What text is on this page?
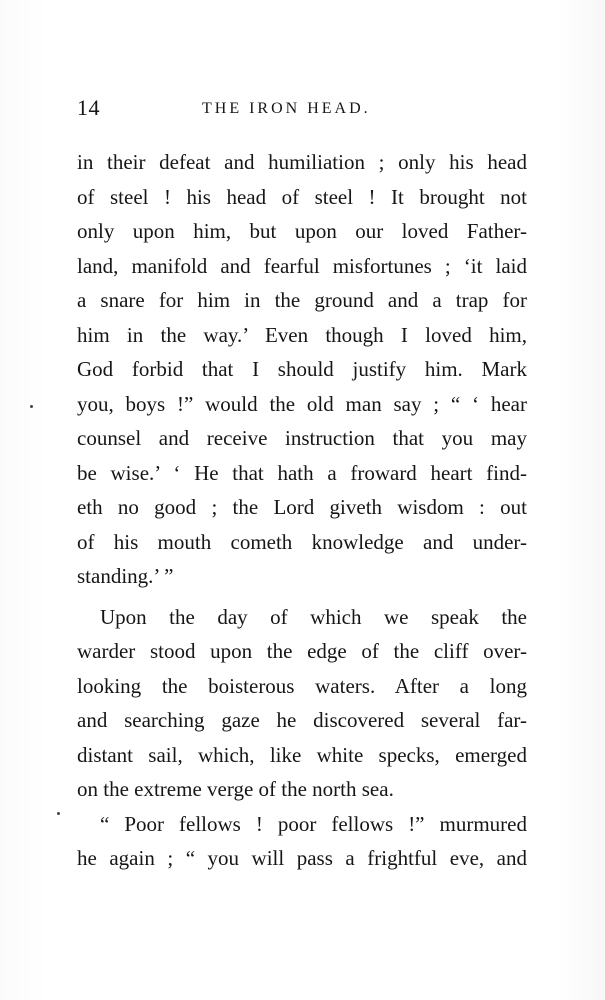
14	THE IRON HEAD.
in their defeat and humiliation ; only his head
of steel ! his head of steel ! It brought not
only upon him, but upon our loved Father-
land, manifold and fearful misfortunes ; ‘it laid
a snare for him in the ground and a trap for
him in the way.’ Even though I loved him,
God forbid that I should justify him. Mark
you, boys !” would the old man say ; “ ‘ hear
counsel and receive instruction that you may
be wise.’ ‘ He that hath a froward heart find-
eth no good ; the Lord giveth wisdom : out
of his mouth cometh knowledge and under-
standing.’ ”
Upon the day of which we speak the
warder stood upon the edge of the cliff over-
looking the boisterous waters. After a long
and searching gaze he discovered several far-
distant sail, which, like white specks, emerged
on the extreme verge of the north sea.
“ Poor fellows ! poor fellows !” murmured
he again ; “ you will pass a frightful eve, and
